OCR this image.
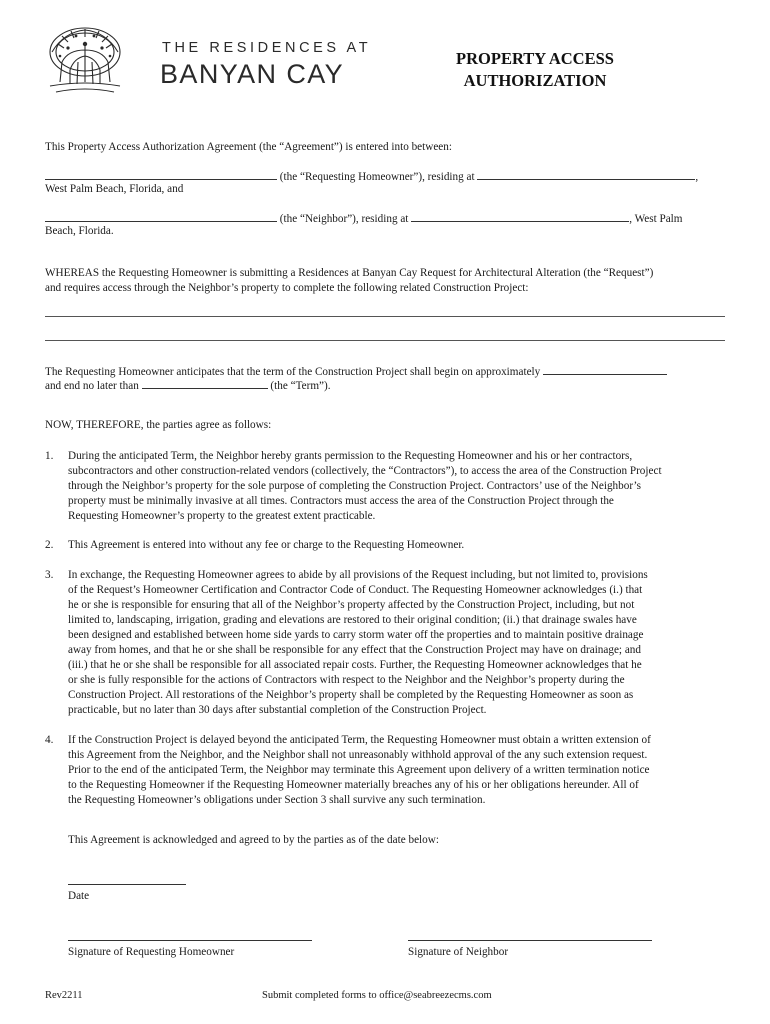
THE RESIDENCES AT
BANYAN CAY
PROPERTY ACCESS
AUTHORIZATION
This Property Access Authorization Agreement (the “Agreement”) is entered into between:
(the “Requesting Homeowner”), residing at	,
West Palm Beach, Florida, and
(the “Neighbor”), residing at	, West Palm
Beach, Florida.
WHEREAS the Requesting Homeowner is submitting a Residences at Banyan Cay Request for Architectural Alteration (the “Request”)
and requires access through the Neighbor’s property to complete the following related Construction Project:
The Requesting Homeowner anticipates that the term of the Construction Project shall begin on approximately
and end no later than	(the “Term”).
NOW, THEREFORE, the parties agree as follows:
1.	During the anticipated Term, the Neighbor hereby grants permission to the Requesting Homeowner and his or her contractors,
subcontractors and other construction-related vendors (collectively, the “Contractors”), to access the area of the Construction Project
through the Neighbor’s property for the sole purpose of completing the Construction Project. Contractors’ use of the Neighbor’s
property must be minimally invasive at all times. Contractors must access the area of the Construction Project through the
Requesting Homeowner’s property to the greatest extent practicable.
2.	This Agreement is entered into without any fee or charge to the Requesting Homeowner.
3.	In exchange, the Requesting Homeowner agrees to abide by all provisions of the Request including, but not limited to, provisions
of the Request’s Homeowner Certification and Contractor Code of Conduct. The Requesting Homeowner acknowledges (i.) that
he or she is responsible for ensuring that all of the Neighbor’s property affected by the Construction Project, including, but not
limited to, landscaping, irrigation, grading and elevations are restored to their original condition; (ii.) that drainage swales have
been designed and established between home side yards to carry storm water off the properties and to maintain positive drainage
away from homes, and that he or she shall be responsible for any effect that the Construction Project may have on drainage; and
(iii.) that he or she shall be responsible for all associated repair costs. Further, the Requesting Homeowner acknowledges that he
or she is fully responsible for the actions of Contractors with respect to the Neighbor and the Neighbor’s property during the
Construction Project. All restorations of the Neighbor’s property shall be completed by the Requesting Homeowner as soon as
practicable, but no later than 30 days after substantial completion of the Construction Project.
4.	If the Construction Project is delayed beyond the anticipated Term, the Requesting Homeowner must obtain a written extension of
this Agreement from the Neighbor, and the Neighbor shall not unreasonably withhold approval of the any such extension request.
Prior to the end of the anticipated Term, the Neighbor may terminate this Agreement upon delivery of a written termination notice
to the Requesting Homeowner if the Requesting Homeowner materially breaches any of his or her obligations hereunder. All of
the Requesting Homeowner’s obligations under Section 3 shall survive any such termination.
This Agreement is acknowledged and agreed to by the parties as of the date below:
Date
Signature of Requesting Homeowner	Signature of Neighbor
Rev2211	Submit completed forms to office@seabreezecms.com
